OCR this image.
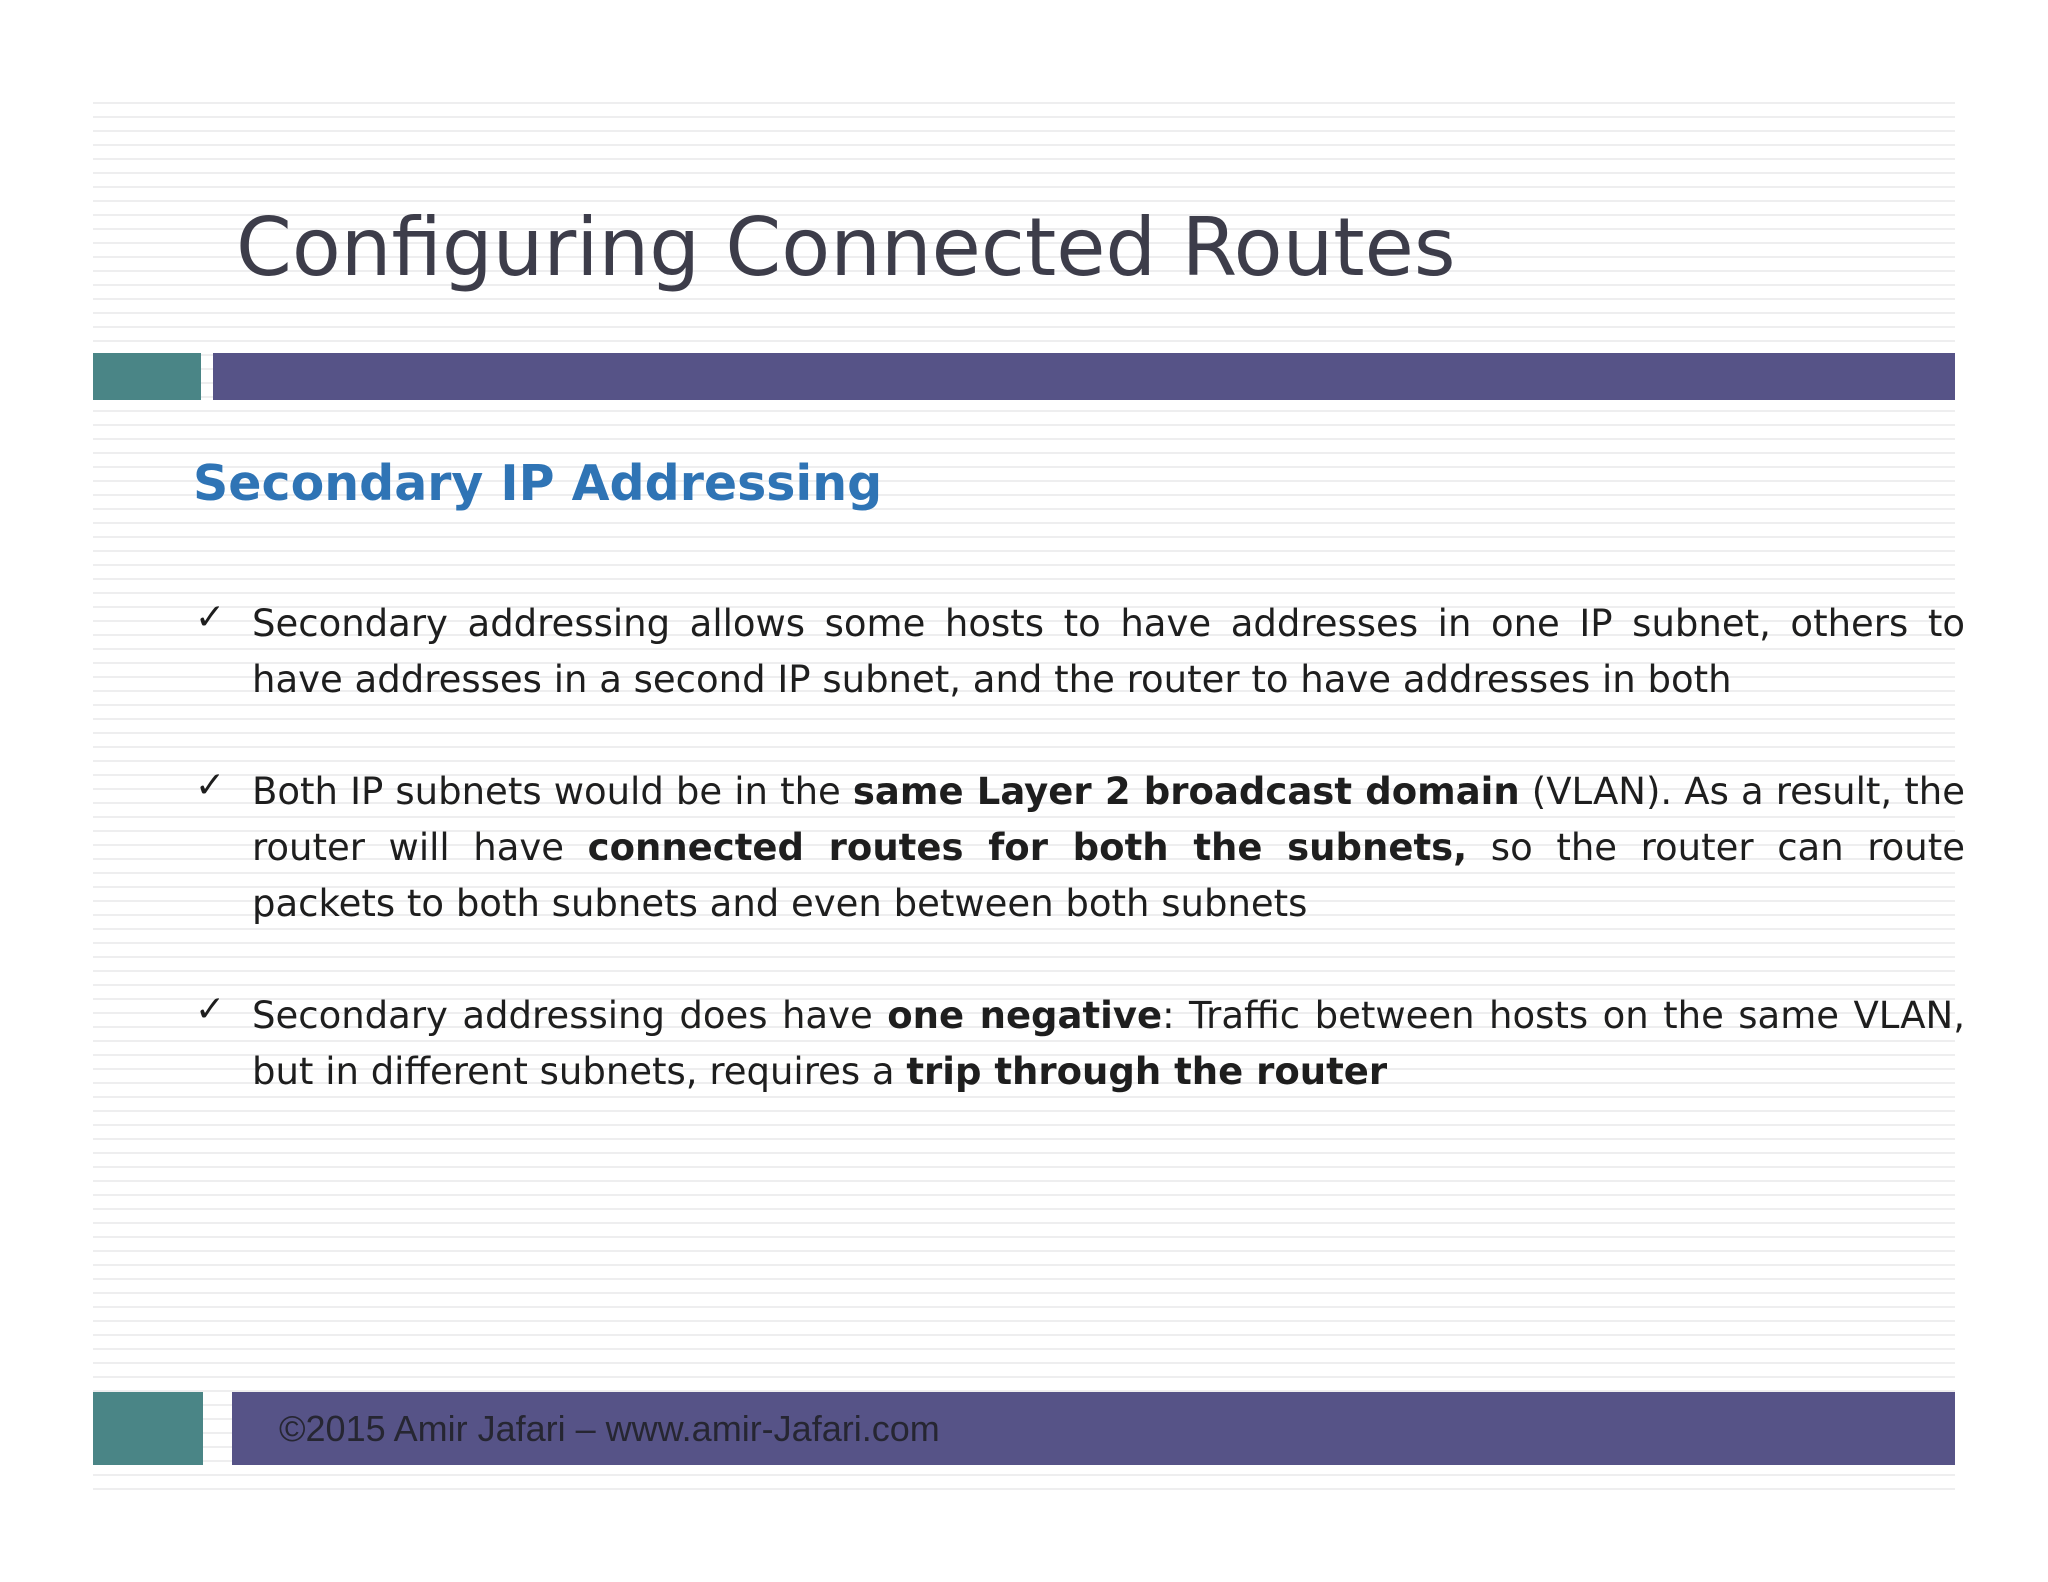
Configuring Connected Routes
Secondary IP Addressing
✓ Secondary addressing allows some hosts to have addresses in one IP subnet, others to have addresses in a second IP subnet, and the router to have addresses in both
✓ Both IP subnets would be in the same Layer 2 broadcast domain (VLAN). As a result, the router will have connected routes for both the subnets, so the router can route packets to both subnets and even between both subnets
✓ Secondary addressing does have one negative: Traffic between hosts on the same VLAN, but in different subnets, requires a trip through the router

©2015 Amir Jafari – www.amir-Jafari.com
